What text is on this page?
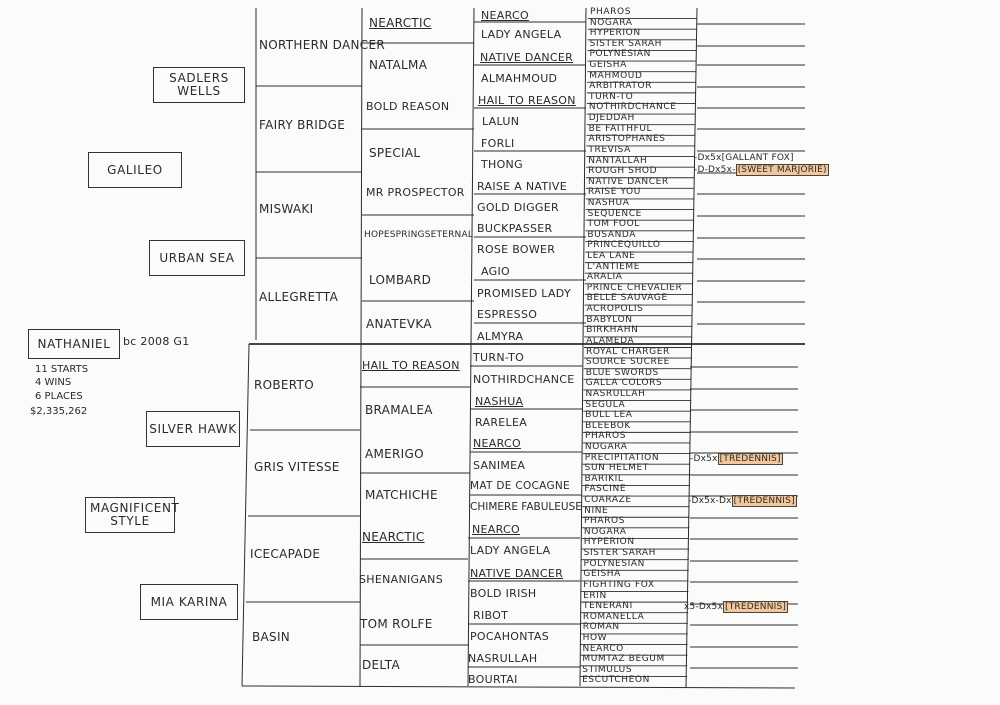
NATHANIEL bc 2008 G1
11 STARTS
4 WINS
6 PLACES
$2,335,262
GALILEO
MAGNIFICENT STYLE
SADLERS WELLS
URBAN SEA
SILVER HAWK
MIA KARINA
NORTHERN DANCER
FAIRY BRIDGE
MISWAKI
ALLEGRETTA
ROBERTO
GRIS VITESSE
ICECAPADE
BASIN
NEARCTIC
NATALMA
BOLD REASON
SPECIAL
MR PROSPECTOR
HOPESPRINGSETERNAL
LOMBARD
ANATEVKA
HAIL TO REASON
BRAMALEA
AMERIGO
MATCHICHE
NEARCTIC
SHENANIGANS
TOM ROLFE
DELTA
NEARCO
LADY ANGELA
NATIVE DANCER
ALMAHMOUD
HAIL TO REASON
LALUN
FORLI
THONG
RAISE A NATIVE
GOLD DIGGER
BUCKPASSER
ROSE BOWER
AGIO
PROMISED LADY
ESPRESSO
ALMYRA
TURN-TO
NOTHIRDCHANCE
NASHUA
RARELEA
NEARCO
SANIMEA
MAT DE COCAGNE
CHIMERE FABULEUSE
NEARCO
LADY ANGELA
NATIVE DANCER
BOLD IRISH
RIBOT
POCAHONTAS
NASRULLAH
BOURTAI
PHAROS
NOGARA
HYPERION
SISTER SARAH
POLYNESIAN
GEISHA
MAHMOUD
ARBITRATOR
TURN-TO
NOTHIRDCHANCE
DJEDDAH
BE FAITHFUL
ARISTOPHANES
TREVISA
NANTALLAH
ROUGH SHOD
NATIVE DANCER
RAISE YOU
NASHUA
SEQUENCE
TOM FOOL
BUSANDA
PRINCEQUILLO
LEA LANE
L'ANTIEME
ARALIA
PRINCE CHEVALIER
BELLE SAUVAGE
ACROPOLIS
BABYLON
BIRKHAHN
ALAMEDA
ROYAL CHARGER
SOURCE SUCREE
BLUE SWORDS
GALLA COLORS
NASRULLAH
SEGULA
BULL LEA
BLEEBOK
PHAROS
NOGARA
PRECIPITATION
SUN HELMET
BARIKIL
FASCINE
COARAZE
NINE
PHAROS
NOGARA
HYPERION
SISTER SARAH
POLYNESIAN
GEISHA
FIGHTING FOX
ERIN
TENERANI
ROMANELLA
ROMAN
HOW
NEARCO
MUMTAZ BEGUM
STIMULUS
ESCUTCHEON
-Dx5x[GALLANT FOX]
-D-Dx5x- (SWEET MARJORIE)
-Dx5x [TREDENNIS]
-Dx5x-Dx [TREDENNIS]
x5-Dx5x [TREDENNIS]
